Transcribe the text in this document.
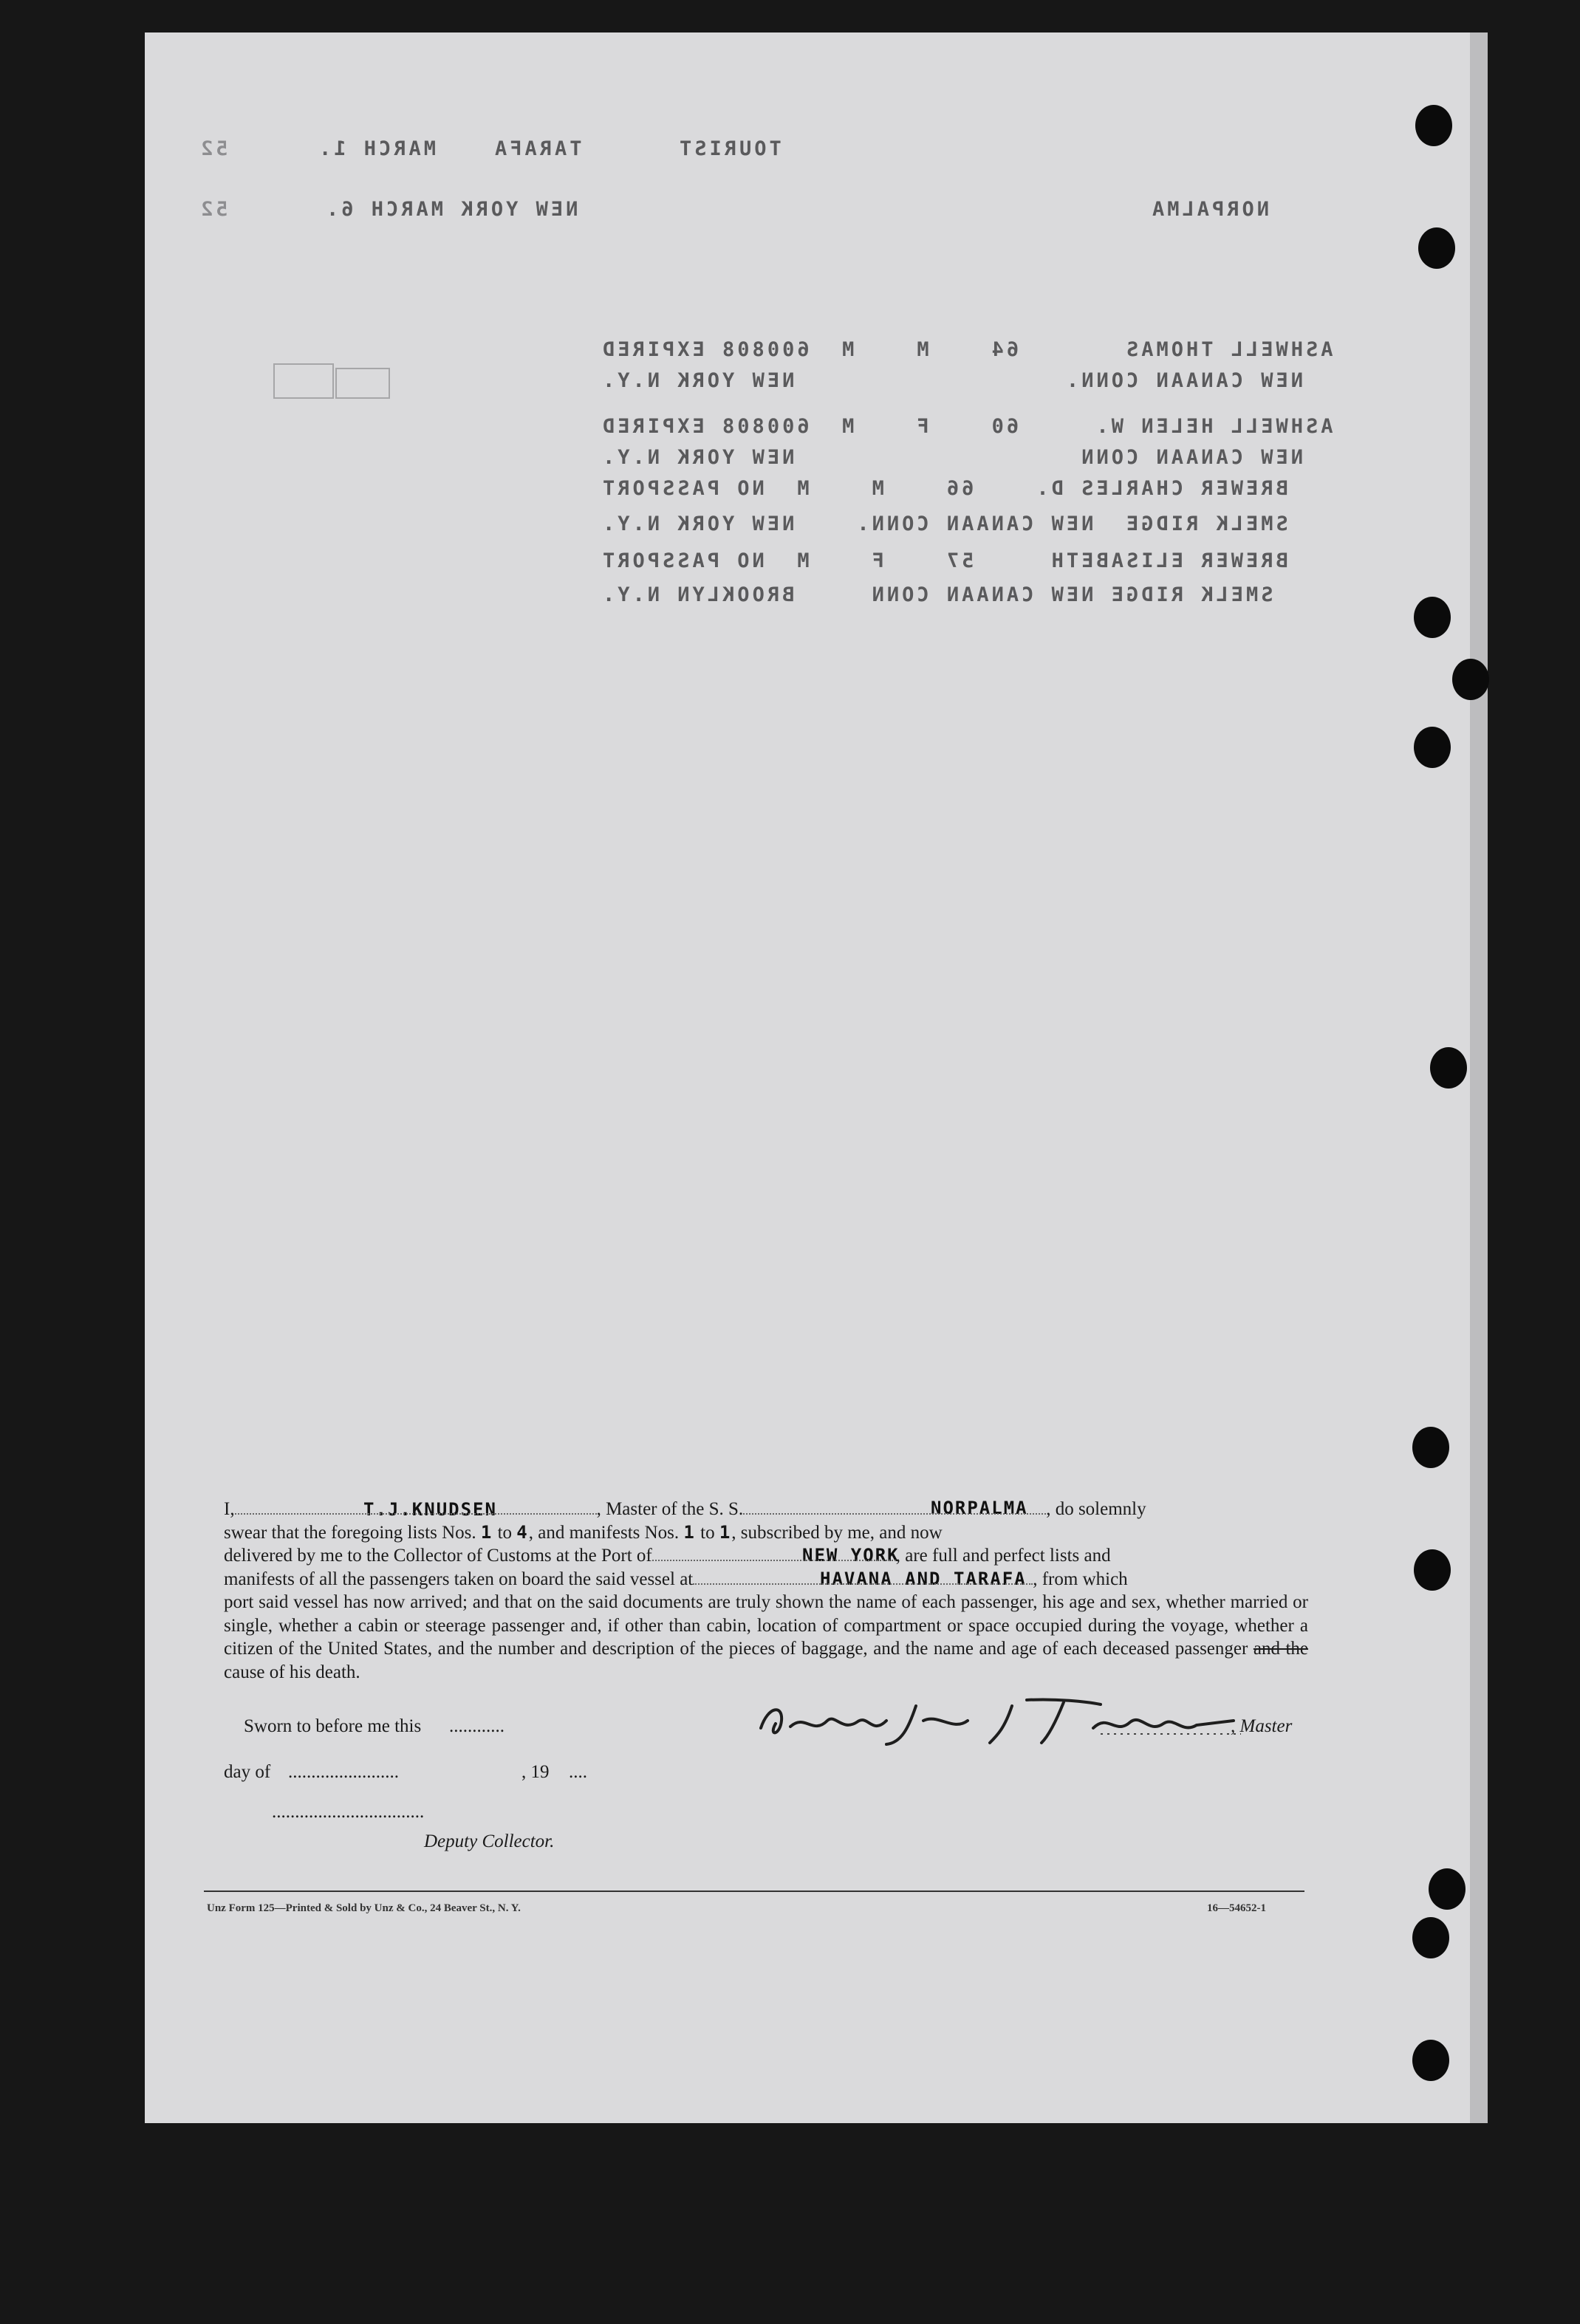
TOURIST
TARAFA
MARCH 1.
52
NORPALMA
NEW YORK MARCH 6.
52
ASHWELL THOMAS       64    M    M  600808 EXPIRED
NEW CANAAN CONN.                  NEW YORK N.Y.
ASHWELL HELEN W.     60    F    M  600808 EXPIRED
NEW CANAAN CONN                   NEW YORK N.Y.
BREWER CHARLES D.    66    M    M  NO PASSPORT
SMELK RIDGE  NEW CANAAN CONN.    NEW YORK N.Y.
BREWER ELISABETH     57    F    M  NO PASSPORT
SMELK RIDGE NEW CANAAN CONN     BROOKLYN N.Y.
T.J.KNUDSEN	NORPALMA
NEW YORK
HAVANA AND TARAFA
I,	, Master of the S. S.	, do solemnly
swear that the foregoing lists Nos. 1 to 4, and manifests Nos. 1 to 1, subscribed by me, and now
delivered by me to the Collector of Customs at the Port of	, are full and perfect lists and
manifests of all the passengers taken on board the said vessel at	, from which
port said vessel has now arrived; and that on the said documents are truly shown the name of each passenger, his age and sex, whether married or single, whether a cabin or steerage passenger and, if other than cabin, location of compartment or space occupied during the voyage, whether a citizen of the United States, and the number and description of the pieces of baggage, and the name and age of each deceased passenger and the cause of his death.
Sworn to before me this ............
day of ........................	, 19 ....
.................................
Deputy Collector.
, Master
Unz Form 125—Printed & Sold by Unz & Co., 24 Beaver St., N. Y.	16—54652-1
